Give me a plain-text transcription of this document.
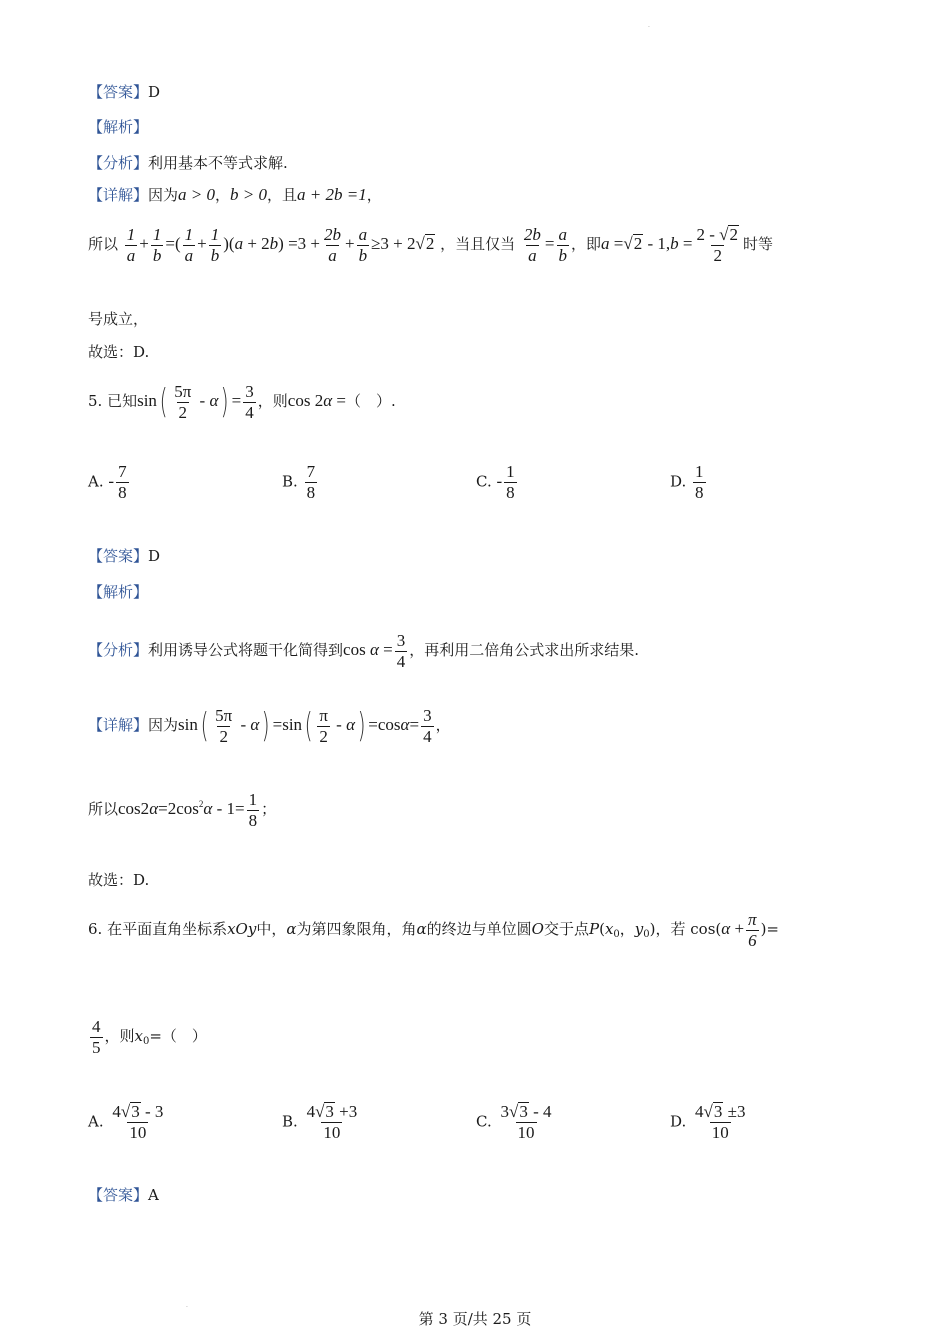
【答案】D
【解析】
【分析】利用基本不等式求解.
【详解】因为a > 0，b > 0，且a + 2b =1，
所以 $\frac{1}{a} + \frac{1}{b}$ =( $\frac{1}{a} + \frac{1}{b} )(a + 2b) =3 + \frac{2b}{a} + \frac{a}{b} \ge 3 + 2√2$ ，当且仅当 $\frac{2b}{a} = \frac{a}{b}$ ，即$a =√2 - 1,b = \frac{2 - √2}{2}$ 时等
号成立，
故选：D.
5. 已知$\sin( \frac{5\pi}{2} - \alpha) = \frac{3}{4}$ ，则cos 2α =（　）.
A. - $\frac{7}{8}$	B. $\frac{7}{8}$	C. - $\frac{1}{8}$	D. $\frac{1}{8}$
【答案】D
【解析】
【分析】利用诱导公式将题干化简得到$\cos \alpha = \frac{3}{4}$ ，再利用二倍角公式求出所求结果.
【详解】因为$\sin( \frac{5\pi}{2} - \alpha) =\sin( \frac{\pi}{2} - \alpha) =\cos\alpha= \frac{3}{4}$ ，
所以$\cos 2\alpha=2\cos^2\alpha - 1= \frac{1}{8}$ ；
故选：D.
6. 在平面直角坐标系xOy中，α为第四象限角，角α的终边与单位圆O交于点$P(x_0$，$y_0$)，若 $\cos(\alpha + \frac{\pi}{6}$ )=
$\frac{4}{5}$ ，则$x_0=$（　）
A. $\frac{4√3 - 3}{10}$	B. $\frac{4√3 +3}{10}$	C. $\frac{3√3 - 4}{10}$	D. $\frac{4√3 \pm 3}{10}$
【答案】A
.
.
第 3 页/共 25 页
